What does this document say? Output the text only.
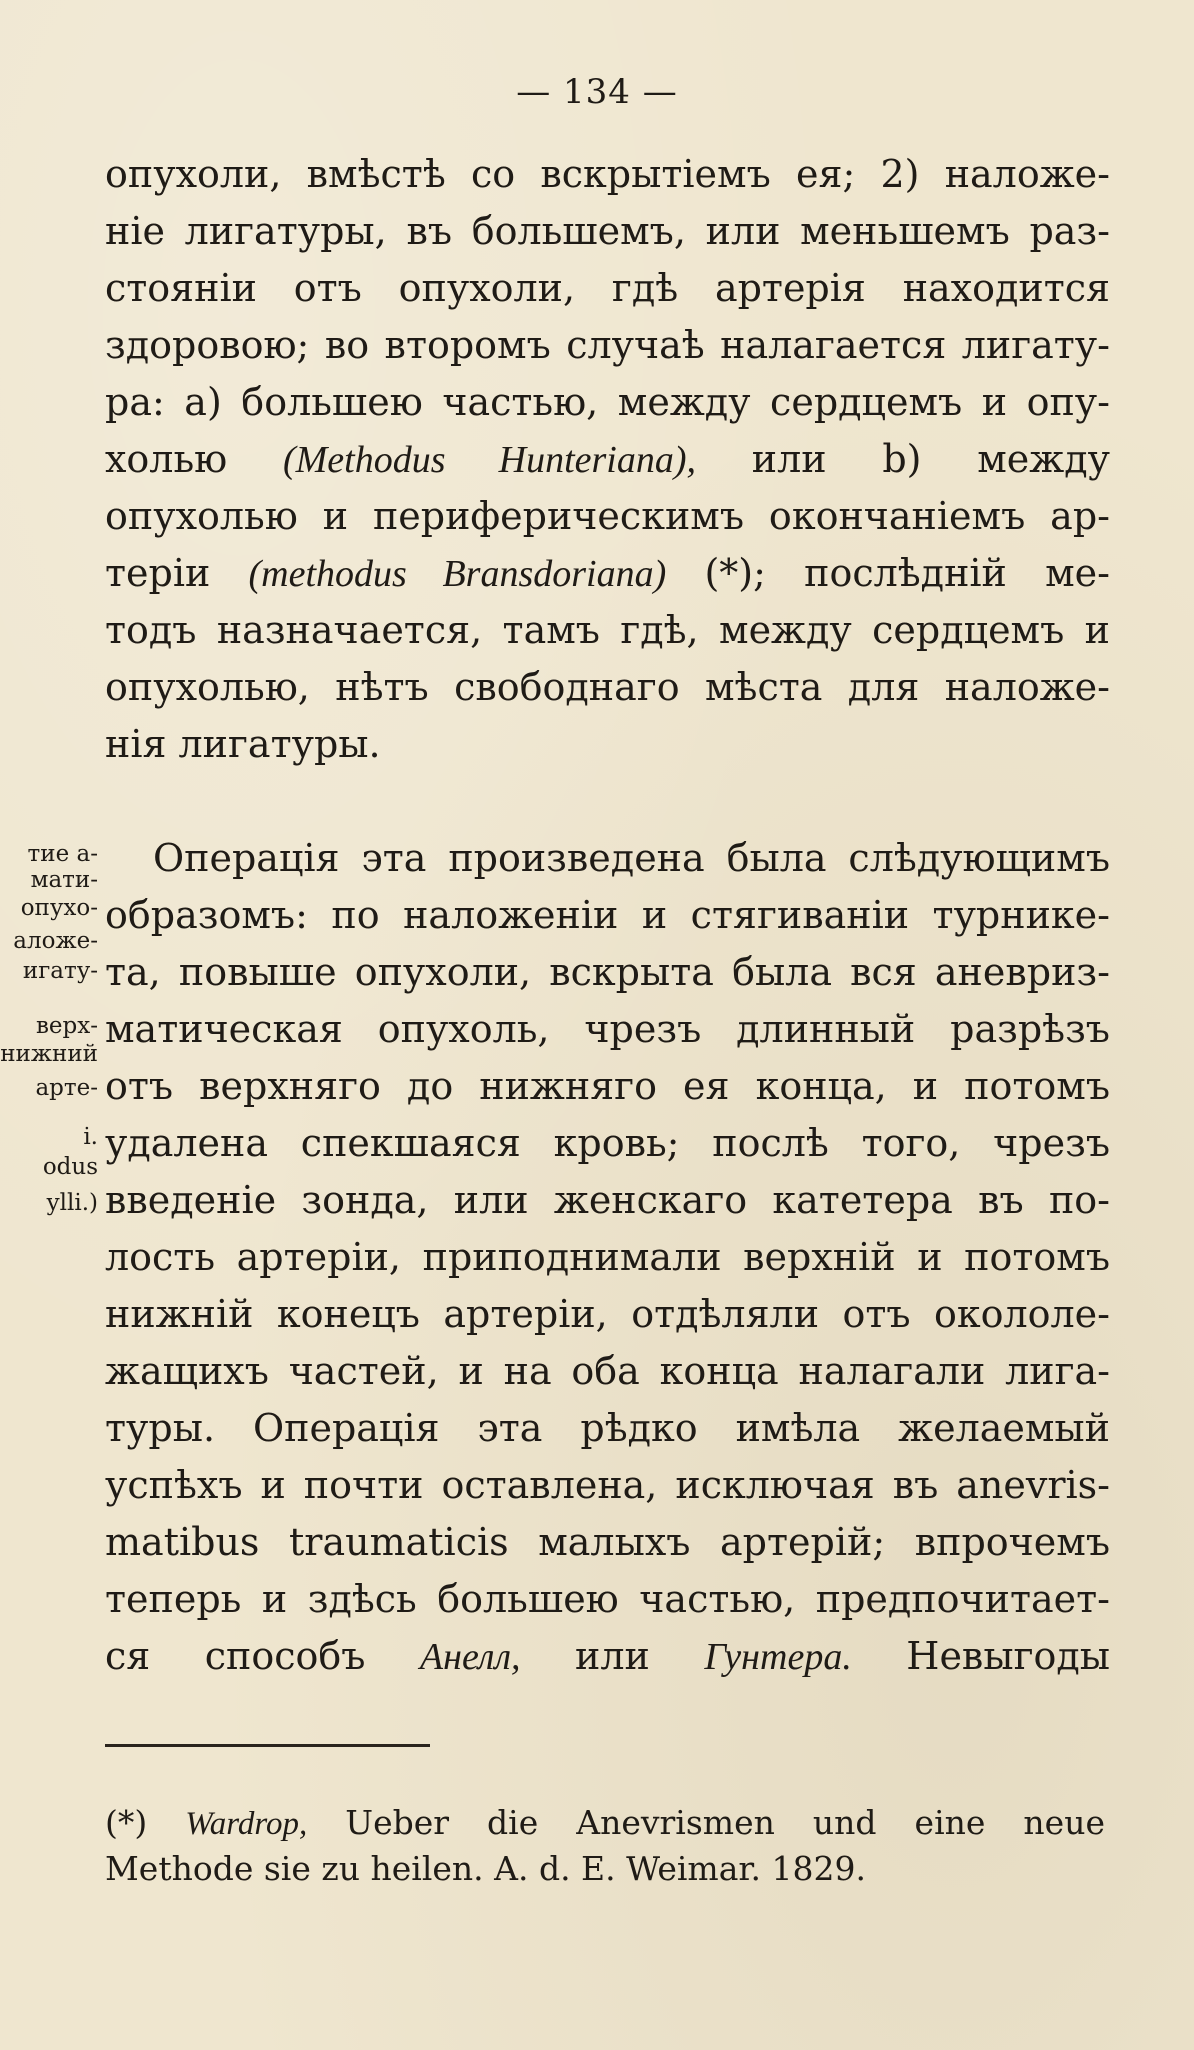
— 134 —
опухоли, вмѣстѣ со вскрытiемъ ея; 2) наложе-
нiе лигатуры, въ большемъ, или меньшемъ раз-
стоянiи отъ опухоли, гдѣ артерiя находится
здоровою; во второмъ случаѣ налагается лигату-
ра: а) большею частью, между сердцемъ и опу-
холью (Methodus Hunteriana), или b) между
опухолью и периферическимъ окончанiемъ ар-
терiи (methodus Bransdoriana) (*); послѣднiй ме-
тодъ назначается, тамъ гдѣ, между сердцемъ и
опухолью, нѣтъ свободнаго мѣста для наложе-
нiя лигатуры.
тие а-
мати-
опухо-
аложе-
игату-
верх-
нижний
арте-
i.
odus
ylli.)
Операцiя эта произведена была слѣдующимъ
образомъ: по наложенiи и стягиванiи турнике-
та, повыше опухоли, вскрыта была вся аневриз-
матическая опухоль, чрезъ длинный разрѣзъ
отъ верхняго до нижняго ея конца, и потомъ
удалена спекшаяся кровь; послѣ того, чрезъ
введенiе зонда, или женскаго катетера въ по-
лость артерiи, приподнимали верхнiй и потомъ
нижнiй конецъ артерiи, отдѣляли отъ окололе-
жащихъ частей, и на оба конца налагали лига-
туры. Операцiя эта рѣдко имѣла желаемый
успѣхъ и почти оставлена, исключая въ anevris-
matibus traumaticis малыхъ артерiй; впрочемъ
теперь и здѣсь большею частью, предпочитает-
ся способъ Анелл, или Гунтера. Невыгоды
(*) Wardrop, Ueber die Anevrismen und eine neue
Methode sie zu heilen. A. d. E. Weimar. 1829.
